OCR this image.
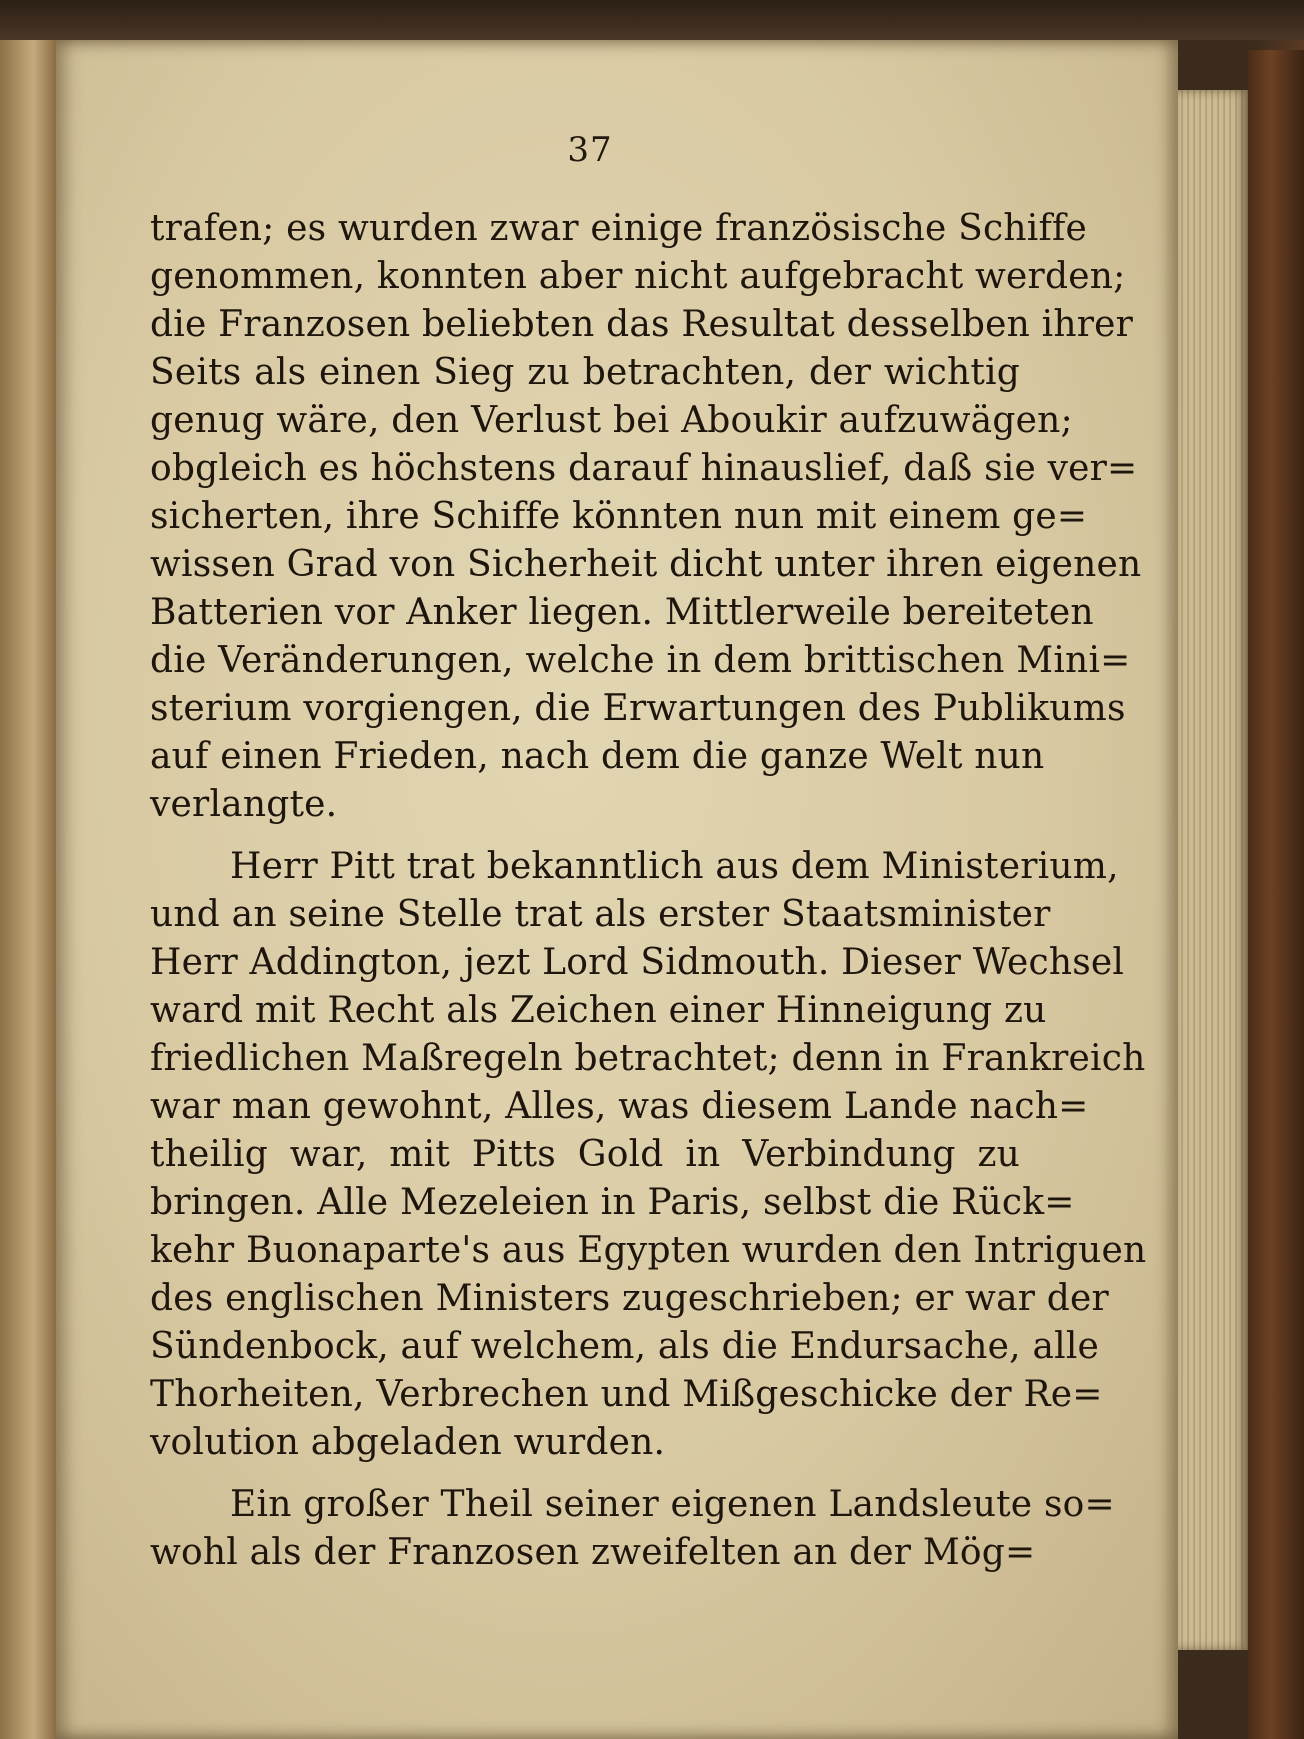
37
trafen; es wurden zwar einige französische Schiffe
genommen, konnten aber nicht aufgebracht werden;
die Franzosen beliebten das Resultat desselben ihrer
Seits als einen Sieg zu betrachten, der wichtig
genug wäre, den Verlust bei Aboukir aufzuwägen;
obgleich es höchstens darauf hinauslief, daß sie ver=
sicherten, ihre Schiffe könnten nun mit einem ge=
wissen Grad von Sicherheit dicht unter ihren eigenen
Batterien vor Anker liegen. Mittlerweile bereiteten
die Veränderungen, welche in dem brittischen Mini=
sterium vorgiengen, die Erwartungen des Publikums
auf einen Frieden, nach dem die ganze Welt nun
verlangte.
Herr Pitt trat bekanntlich aus dem Ministerium,
und an seine Stelle trat als erster Staatsminister
Herr Addington, jezt Lord Sidmouth. Dieser Wechsel
ward mit Recht als Zeichen einer Hinneigung zu
friedlichen Maßregeln betrachtet; denn in Frankreich
war man gewohnt, Alles, was diesem Lande nach=
theilig war, mit Pitts Gold in Verbindung zu
bringen. Alle Mezeleien in Paris, selbst die Rück=
kehr Buonaparte's aus Egypten wurden den Intriguen
des englischen Ministers zugeschrieben; er war der
Sündenbock, auf welchem, als die Endursache, alle
Thorheiten, Verbrechen und Mißgeschicke der Re=
volution abgeladen wurden.
Ein großer Theil seiner eigenen Landsleute so=
wohl als der Franzosen zweifelten an der Mög=
